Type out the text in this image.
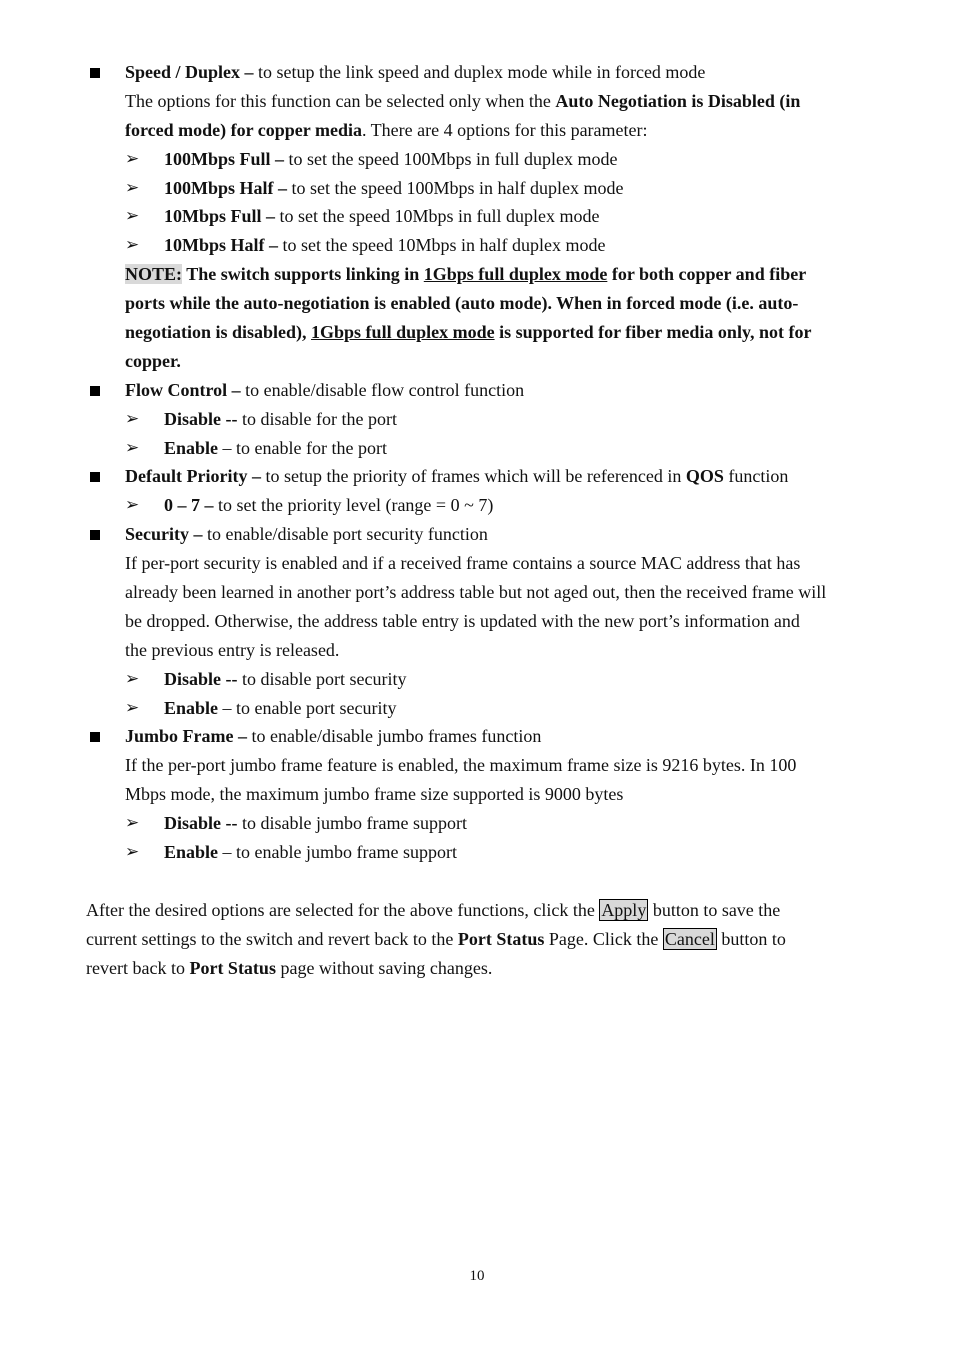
Speed / Duplex – to setup the link speed and duplex mode while in forced mode
The options for this function can be selected only when the Auto Negotiation is Disabled (in
forced mode) for copper media. There are 4 options for this parameter:
➢ 100Mbps Full – to set the speed 100Mbps in full duplex mode
➢ 100Mbps Half – to set the speed 100Mbps in half duplex mode
➢ 10Mbps Full – to set the speed 10Mbps in full duplex mode
➢ 10Mbps Half – to set the speed 10Mbps in half duplex mode
NOTE: The switch supports linking in 1Gbps full duplex mode for both copper and fiber
ports while the auto-negotiation is enabled (auto mode). When in forced mode (i.e. auto-
negotiation is disabled), 1Gbps full duplex mode is supported for fiber media only, not for
copper.
Flow Control – to enable/disable flow control function
➢ Disable -- to disable for the port
➢ Enable – to enable for the port
Default Priority – to setup the priority of frames which will be referenced in QOS function
➢ 0 – 7 – to set the priority level (range = 0 ~ 7)
Security – to enable/disable port security function
If per-port security is enabled and if a received frame contains a source MAC address that has
already been learned in another port’s address table but not aged out, then the received frame will
be dropped. Otherwise, the address table entry is updated with the new port’s information and
the previous entry is released.
➢ Disable -- to disable port security
➢ Enable – to enable port security
Jumbo Frame – to enable/disable jumbo frames function
If the per-port jumbo frame feature is enabled, the maximum frame size is 9216 bytes. In 100
Mbps mode, the maximum jumbo frame size supported is 9000 bytes
➢ Disable -- to disable jumbo frame support
➢ Enable – to enable jumbo frame support
After the desired options are selected for the above functions, click the Apply button to save the
current settings to the switch and revert back to the Port Status Page. Click the Cancel button to
revert back to Port Status page without saving changes.
10
